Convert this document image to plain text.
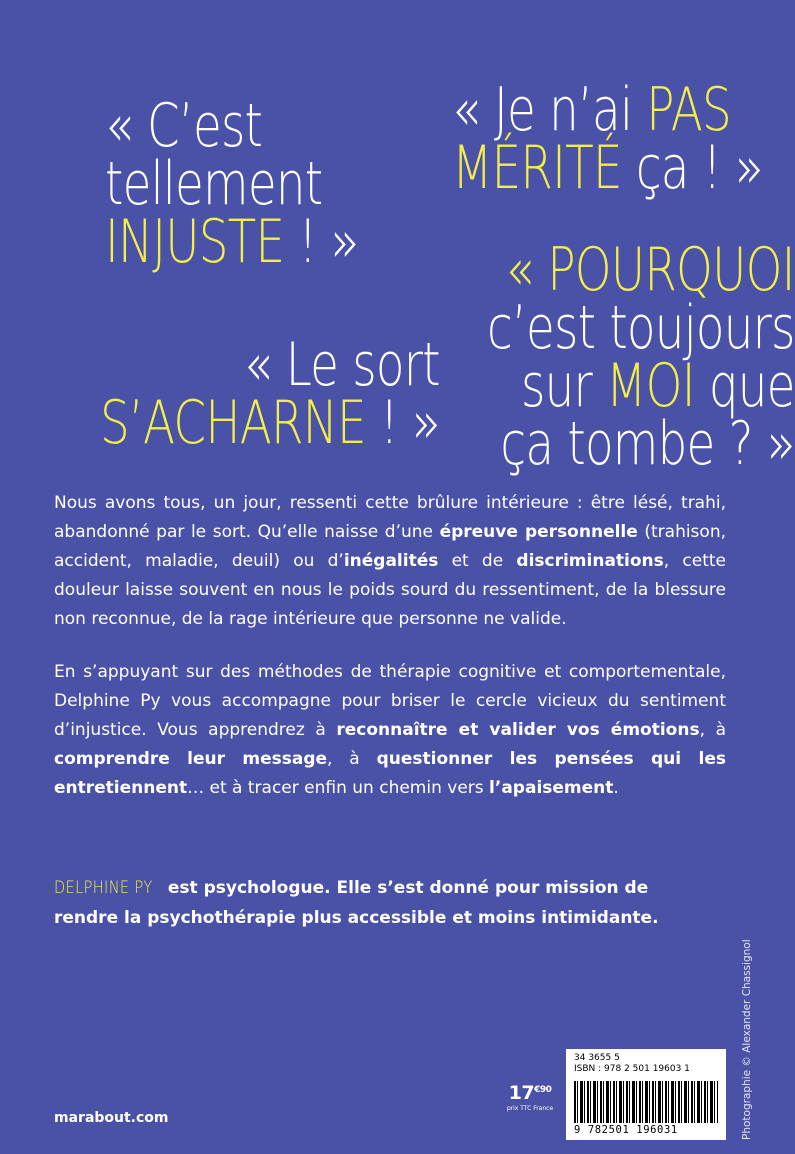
« C’est
tellement
INJUSTE ! »
« Je n’ai PAS
MÉRITÉ ça ! »
« POURQUOI
c’est toujours
sur MOI que
ça tombe ? »
« Le sort
S’ACHARNE ! »

Nous avons tous, un jour, ressenti cette brûlure intérieure : être lésé, trahi, abandonné par le sort. Qu’elle naisse d’une épreuve personnelle (trahison, accident, maladie, deuil) ou d’inégalités et de discriminations, cette douleur laisse souvent en nous le poids sourd du ressentiment, de la blessure non reconnue, de la rage intérieure que personne ne valide.

En s’appuyant sur des méthodes de thérapie cognitive et comportementale, Delphine Py vous accompagne pour briser le cercle vicieux du sentiment d’injustice. Vous apprendrez à reconnaître et valider vos émotions, à comprendre leur message, à questionner les pensées qui les entretiennent… et à tracer enfin un chemin vers l’apaisement.

DELPHINE PY est psychologue. Elle s’est donné pour mission de
rendre la psychothérapie plus accessible et moins intimidante.
Photographie © Alexander Chassignol
marabout.com
$17^{€90}$
prix TTC France
34 3655 5
ISBN : 978 2 501 19603 1
9 782501 196031
